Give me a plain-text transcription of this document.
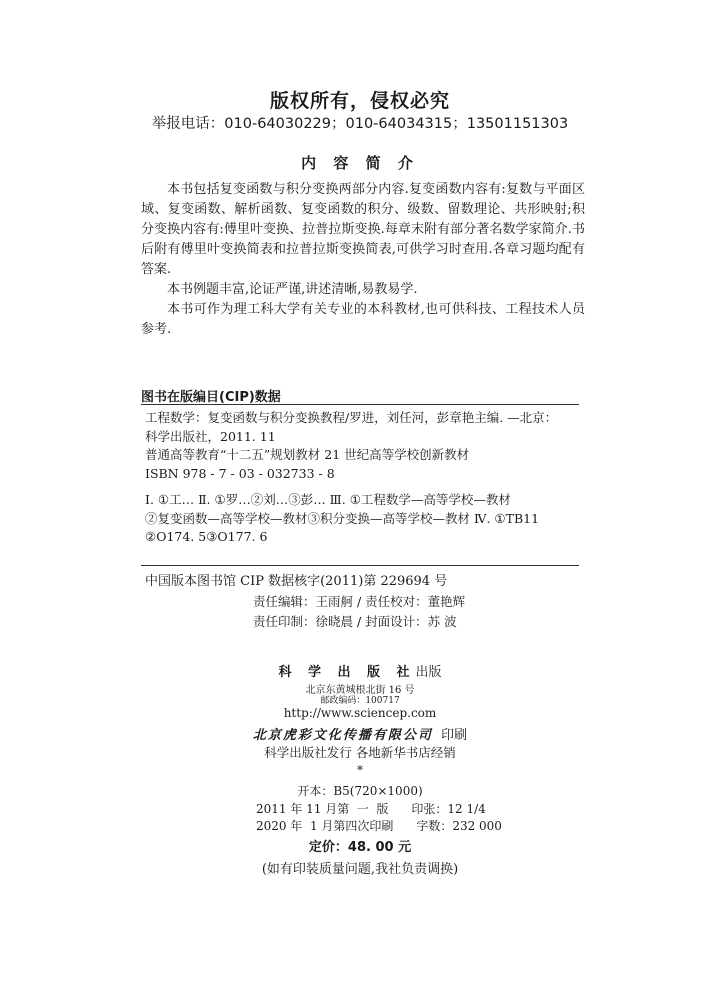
版权所有，侵权必究
举报电话：010-64030229；010-64034315；13501151303
内 容 简 介

本书包括复变函数与积分变换两部分内容.复变函数内容有:复数与平面区域、复变函数、解析函数、复变函数的积分、级数、留数理论、共形映射;积分变换内容有:傅里叶变换、拉普拉斯变换.每章末附有部分著名数学家简介.书后附有傅里叶变换简表和拉普拉斯变换简表,可供学习时查用.各章习题均配有答案.

本书例题丰富,论证严谨,讲述清晰,易教易学.

本书可作为理工科大学有关专业的本科教材,也可供科技、工程技术人员参考.

图书在版编目(CIP)数据
工程数学：复变函数与积分变换教程/罗进，刘任河，彭章艳主编. —北京：
科学出版社，2011. 11
普通高等教育“十二五”规划教材 21 世纪高等学校创新教材
ISBN 978 - 7 - 03 - 032733 - 8
Ⅰ. ①工… Ⅱ. ①罗…②刘…③彭… Ⅲ. ①工程数学—高等学校—教材
②复变函数—高等学校—教材③积分变换—高等学校—教材 Ⅳ. ①TB11
②O174. 5③O177. 6
中国版本图书馆 CIP 数据核字(2011)第 229694 号
责任编辑：王雨舸 / 责任校对：董艳辉
责任印制：徐晓晨 / 封面设计：苏 波
科 学 出 版 社出版
北京东黄城根北街 16 号
邮政编码：100717
http://www.sciencep.com
北京虎彩文化传播有限公司 印刷
科学出版社发行 各地新华书店经销
*
开本：B5(720×1000)
2011 年 11 月第  一  版      印张：12 1/4
2020 年  1 月第四次印刷      字数：232 000
定价：48. 00 元
(如有印装质量问题,我社负责调换)
